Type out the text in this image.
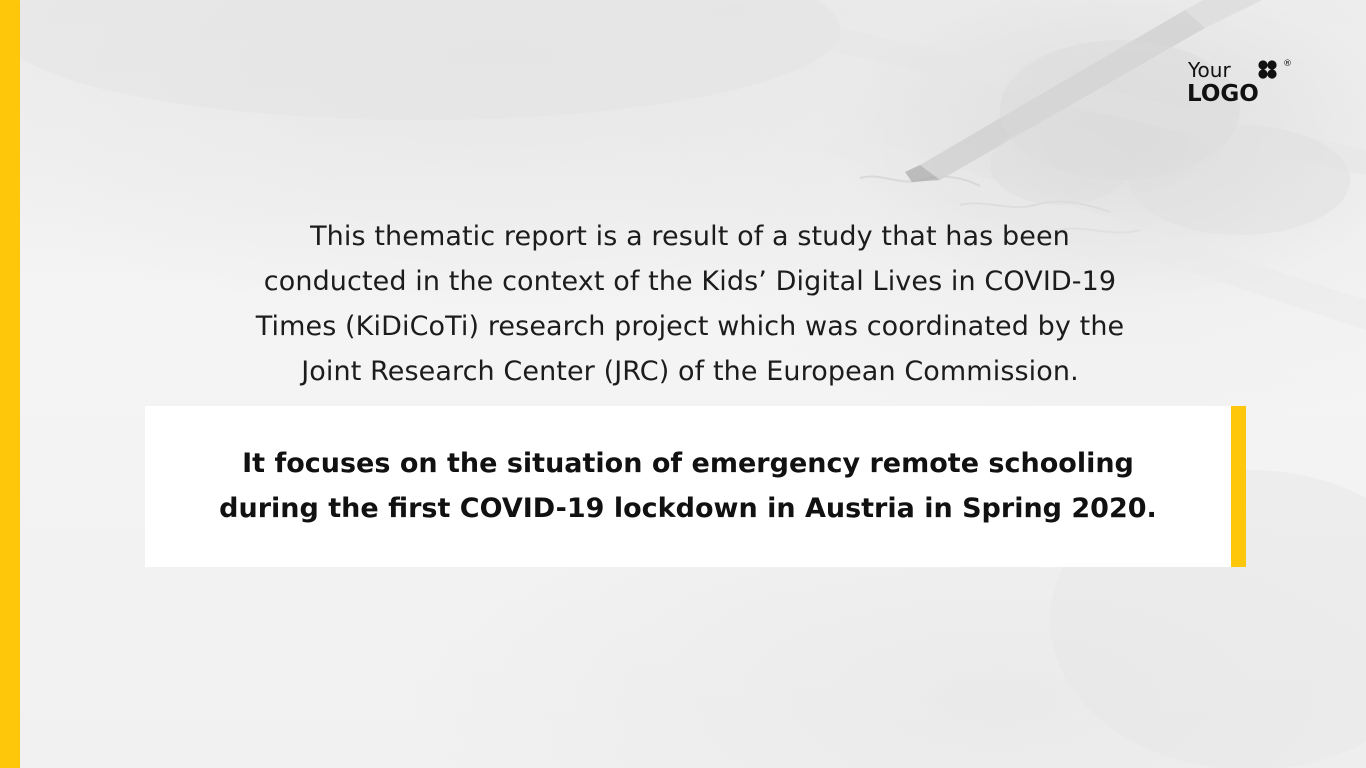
Your	®
LOGO
This thematic report is a result of a study that has been
conducted in the context of the Kids’ Digital Lives in COVID-19
Times (KiDiCoTi) research project which was coordinated by the
Joint Research Center (JRC) of the European Commission.
It focuses on the situation of emergency remote schooling
during the first COVID-19 lockdown in Austria in Spring 2020.
